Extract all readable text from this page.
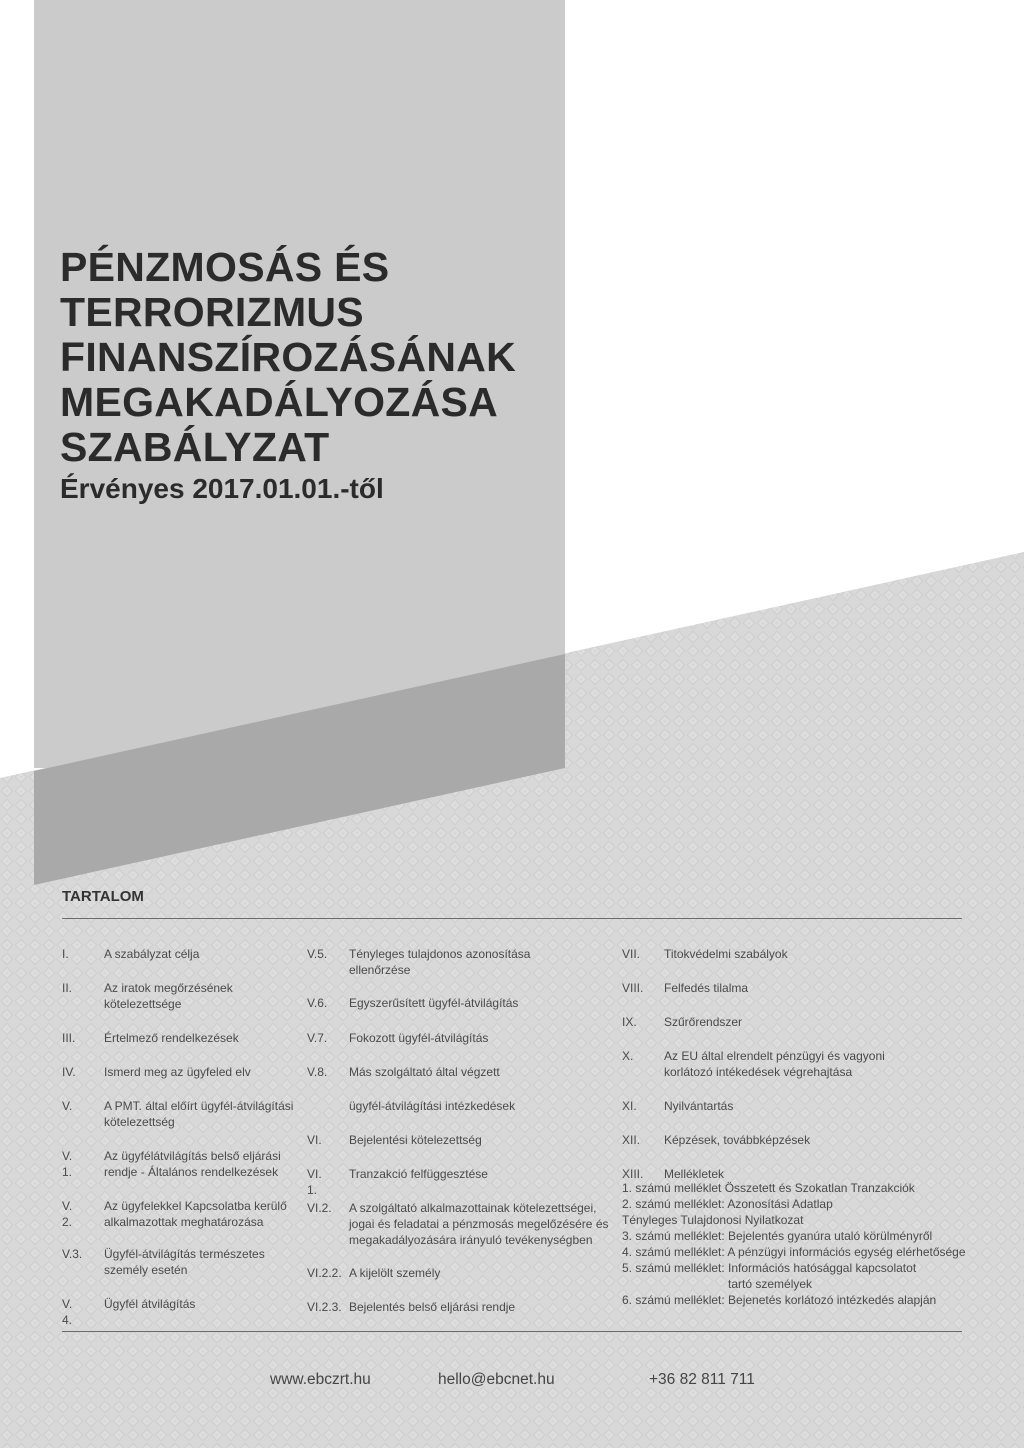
PÉNZMOSÁS ÉS
TERRORIZMUS
FINANSZÍROZÁSÁNAK
MEGAKADÁLYOZÁSA
SZABÁLYZAT
Érvényes 2017.01.01.-től
TARTALOM
I.	A szabályzat célja
II.	Az iratok megőrzésének kötelezettsége
III. Értelmező rendelkezések
IV. Ismerd meg az ügyfeled elv
V.	A PMT. által előírt ügyfél-átvilágítási kötelezettség
V. 1.
Az ügyfélátvilágítás belső eljárási rendje - Általános rendelkezések
V. 2.
Az ügyfelekkel Kapcsolatba kerülő alkalmazottak meghatározása
V.3. Ügyfél-átvilágítás természetes személy esetén
V. 4.
Ügyfél átvilágítás
V.5. Tényleges tulajdonos azonosítása ellenőrzése
V.6. Egyszerűsített ügyfél-átvilágítás
V.7. Fokozott ügyfél-átvilágítás
V.8. Más szolgáltató által végzett
ügyfél-átvilágítási intézkedések
VI. Bejelentési kötelezettség
VI. 1.
Tranzakció felfüggesztése
VI.2. A szolgáltató alkalmazottainak kötelezettségei, jogai és feladatai a pénzmosás megelőzésére és megakadályozására irányuló tevékenységben
VI.2.2. A kijelölt személy
VI.2.3. Bejelentés belső eljárási rendje
VII. Titokvédelmi szabályok
VIII. Felfedés tilalma
IX. Szűrőrendszer
X.	Az EU által elrendelt pénzügyi és vagyoni korlátozó intékedések végrehajtása
XI. Nyilvántartás
XII. Képzések, továbbképzések
XIII. Mellékletek
1. számú melléklet Összetett és Szokatlan Tranzakciók
2. számú melléklet: Azonosítási Adatlap
Tényleges Tulajdonosi Nyilatkozat
3. számú melléklet: Bejelentés gyanúra utaló körülményről
4. számú melléklet: A pénzügyi információs egység elérhetősége
5. számú melléklet: Információs hatósággal kapcsolatot
tartó személyek
6. számú melléklet: Bejenetés korlátozó intézkedés alapján
www.ebczrt.hu	hello@ebcnet.hu	+36 82 811 711
